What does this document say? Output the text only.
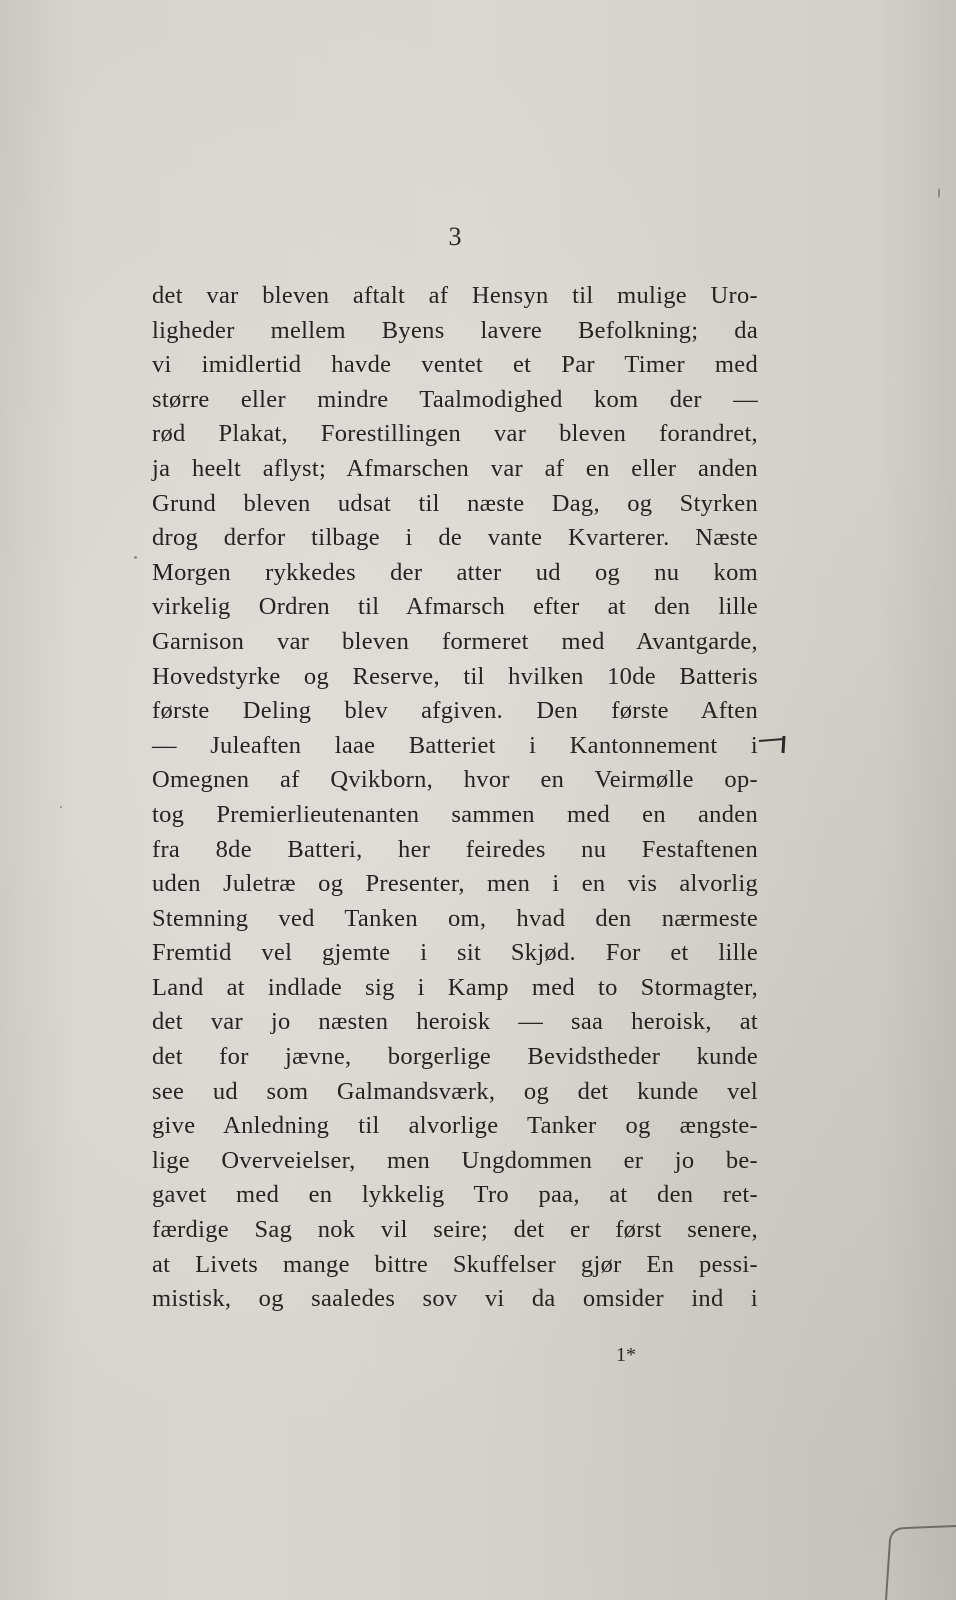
3
det var bleven aftalt af Hensyn til mulige Uro-
ligheder mellem Byens lavere Befolkning; da
vi imidlertid havde ventet et Par Timer med
større eller mindre Taalmodighed kom der —
rød Plakat, Forestillingen var bleven forandret,
ja heelt aflyst; Afmarschen var af en eller anden
Grund bleven udsat til næste Dag, og Styrken
drog derfor tilbage i de vante Kvarterer. Næste
Morgen rykkedes der atter ud og nu kom
virkelig Ordren til Afmarsch efter at den lille
Garnison var bleven formeret med Avantgarde,
Hovedstyrke og Reserve, til hvilken 10de Batteris
første Deling blev afgiven. Den første Aften
— Juleaften laae Batteriet i Kantonnement i
Omegnen af Qvikborn, hvor en Veirmølle op-
tog Premierlieutenanten sammen med en anden
fra 8de Batteri, her feiredes nu Festaftenen
uden Juletræ og Presenter, men i en vis alvorlig
Stemning ved Tanken om, hvad den nærmeste
Fremtid vel gjemte i sit Skjød. For et lille
Land at indlade sig i Kamp med to Stormagter,
det var jo næsten heroisk — saa heroisk, at
det for jævne, borgerlige Bevidstheder kunde
see ud som Galmandsværk, og det kunde vel
give Anledning til alvorlige Tanker og ængste-
lige Overveielser, men Ungdommen er jo be-
gavet med en lykkelig Tro paa, at den ret-
færdige Sag nok vil seire; det er først senere,
at Livets mange bittre Skuffelser gjør En pessi-
mistisk, og saaledes sov vi da omsider ind i
1*
